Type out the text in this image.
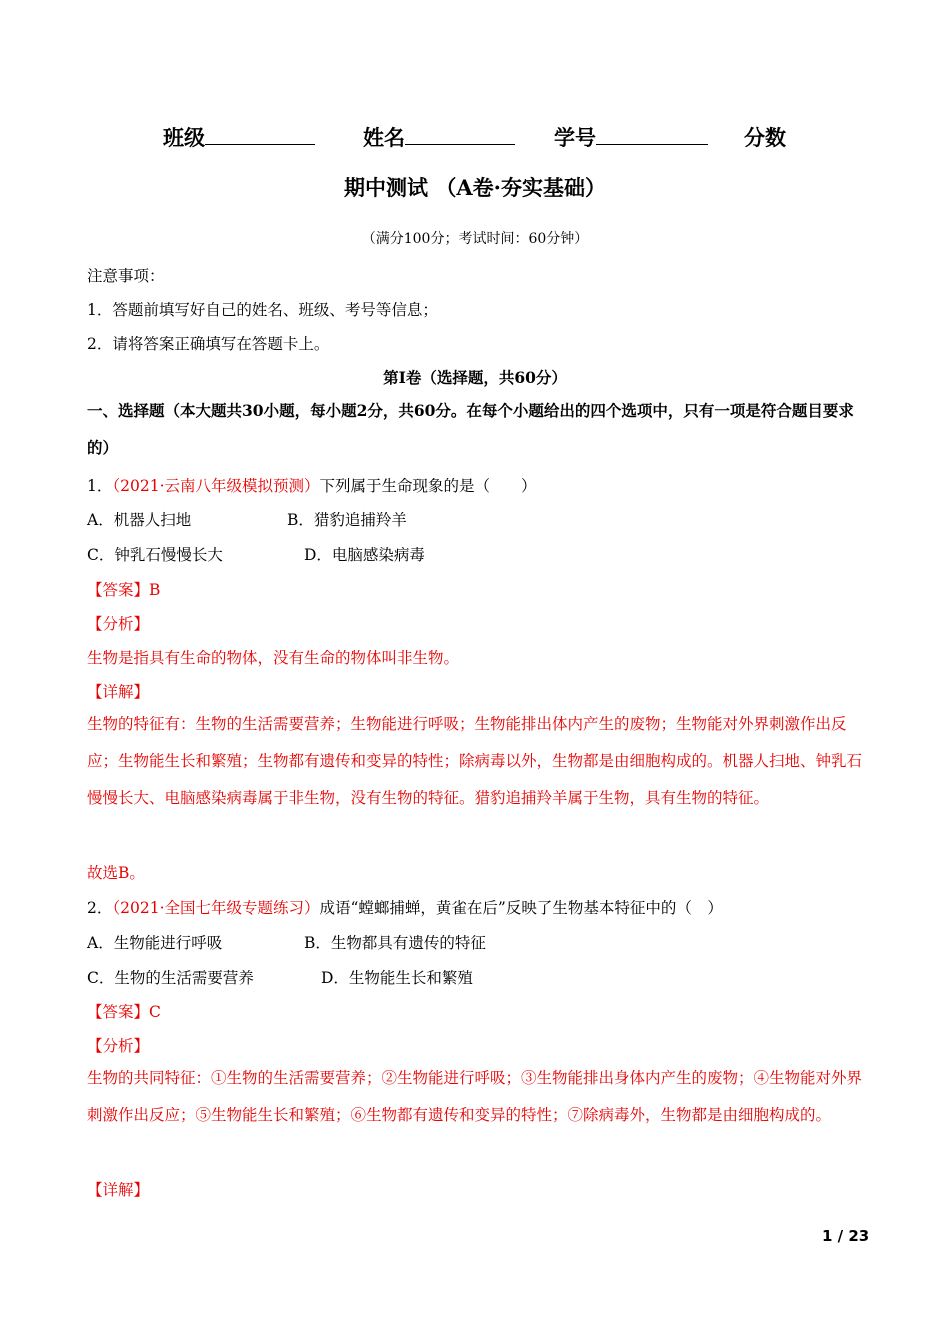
班级	姓名	学号	分数
期中测试 （A卷·夯实基础）
（满分100分；考试时间：60分钟）
注意事项：
1．答题前填写好自己的姓名、班级、考号等信息；
2．请将答案正确填写在答题卡上。
第I卷（选择题，共60分）
一、选择题（本大题共30小题，每小题2分，共60分。在每个小题给出的四个选项中，只有一项是符合题目要求的）
1．（2021·云南八年级模拟预测）下列属于生命现象的是（　　）
A．机器人扫地	B．猎豹追捕羚羊
C．钟乳石慢慢长大	D．电脑感染病毒
【答案】B
【分析】
生物是指具有生命的物体，没有生命的物体叫非生物。
【详解】
生物的特征有：生物的生活需要营养；生物能进行呼吸；生物能排出体内产生的废物；生物能对外界刺激作出反应；生物能生长和繁殖；生物都有遗传和变异的特性；除病毒以外，生物都是由细胞构成的。机器人扫地、钟乳石慢慢长大、电脑感染病毒属于非生物，没有生物的特征。猎豹追捕羚羊属于生物，具有生物的特征。
故选B。
2．（2021·全国七年级专题练习）成语“螳螂捕蝉，黄雀在后”反映了生物基本特征中的（　）
A．生物能进行呼吸	B．生物都具有遗传的特征
C．生物的生活需要营养	D．生物能生长和繁殖
【答案】C
【分析】
生物的共同特征：①生物的生活需要营养；②生物能进行呼吸；③生物能排出身体内产生的废物；④生物能对外界刺激作出反应；⑤生物能生长和繁殖；⑥生物都有遗传和变异的特性；⑦除病毒外，生物都是由细胞构成的。
【详解】
1 / 23
